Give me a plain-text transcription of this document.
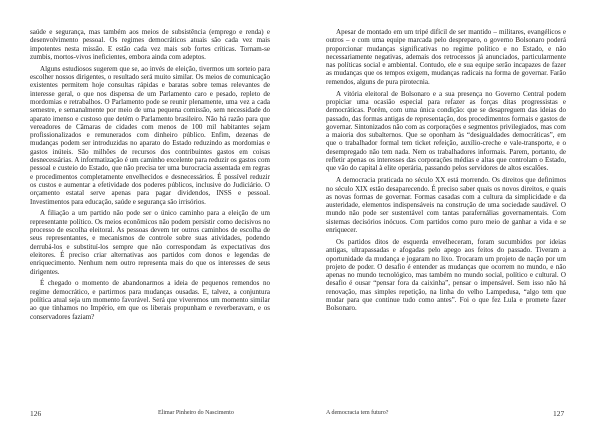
saúde e segurança, mas também aos meios de subsistência (emprego e renda) e desenvolvimento pessoal. Os regimes democráticos atuais são cada vez mais impotentes nesta missão. E estão cada vez mais sob fortes críticas. Tornam-se zumbis, mortos-vivos ineficientes, embora ainda com adeptos.

Alguns estudiosos sugerem que se, ao invés de eleição, tivermos um sorteio para escolher nossos dirigentes, o resultado será muito similar. Os meios de comunicação existentes permitem hoje consultas rápidas e baratas sobre temas relevantes de interesse geral, o que nos dispensa de um Parlamento caro e pesado, repleto de mordomias e retrabalhos. O Parlamento pode se reunir plenamente, uma vez a cada semestre, e semanalmente por meio de uma pequena comissão, sem necessidade do aparato imenso e custoso que detém o Parlamento brasileiro. Não há razão para que vereadores de Câmaras de cidades com menos de 100 mil habitantes sejam profissionalizados e remunerados com dinheiro público. Enfim, dezenas de mudanças podem ser introduzidas no aparato do Estado reduzindo as mordomias e gastos inúteis. São milhões de recursos dos contribuintes gastos em coisas desnecessárias. A informatização é um caminho excelente para reduzir os gastos com pessoal e custeio do Estado, que não precisa ter uma burocracia assentada em regras e procedimentos completamente envelhecidos e desnecessários. É possível reduzir os custos e aumentar a efetividade dos poderes públicos, inclusive do Judiciário. O orçamento estatal serve apenas para pagar dividendos, INSS e pessoal. Investimentos para educação, saúde e segurança são irrisórios.

A filiação a um partido não pode ser o único caminho para a eleição de um representante político. Os meios econômicos não podem persistir como decisivos no processo de escolha eleitoral. As pessoas devem ter outros caminhos de escolha de seus representantes, e mecanismos de controle sobre suas atividades, podendo derrubá-los e substituí-los sempre que não correspondam às expectativas dos eleitores. É preciso criar alternativas aos partidos com donos e legendas de enriquecimento. Nenhum nem outro representa mais do que os interesses de seus dirigentes.

É chegado o momento de abandonarmos a ideia de pequenos remendos no regime democrático, e partirmos para mudanças ousadas. E, talvez, a conjuntura política atual seja um momento favorável. Será que viveremos um momento similar ao que tínhamos no Império, em que os liberais propunham e reverberavam, e os conservadores faziam?

126	Elimar Pinheiro do Nascimento

Apesar de montado em um tripé difícil de ser mantido – militares, evangélicos e outros – e com uma equipe marcada pelo despreparo, o governo Bolsonaro poderá proporcionar mudanças significativas no regime político e no Estado, e não necessariamente negativas, ademais dos retrocessos já anunciados, particularmente nas políticas social e ambiental. Contudo, ele e sua equipe serão incapazes de fazer as mudanças que os tempos exigem, mudanças radicais na forma de governar. Farão remendos, alguns de pura pirotecnia.

A vitória eleitoral de Bolsonaro e a sua presença no Governo Central podem propiciar uma ocasião especial para refazer as forças ditas progressistas e democráticas. Porém, com uma única condição: que se desapreguem das ideias do passado, das formas antigas de representação, dos procedimentos formais e gastos de governar. Sintonizados não com as corporações e segmentos privilegiados, mas com a maioria dos subalternos. Que se oponham às “desigualdades democráticas”, em que o trabalhador formal tem ticket refeição, auxílio-creche e vale-transporte, e o desempregado não tem nada. Nem os trabalhadores informais. Parem, portanto, de refletir apenas os interesses das corporações médias e altas que controlam o Estado, que vão do capital à elite operária, passando pelos servidores de altos escalões.

A democracia praticada no século XX está morrendo. Os direitos que definimos no século XIX estão desaparecendo. É preciso saber quais os novos direitos, e quais as novas formas de governar. Formas casadas com a cultura da simplicidade e da austeridade, elementos indispensáveis na construção de uma sociedade saudável. O mundo não pode ser sustentável com tantas parafernálias governamentais. Com sistemas decisórios inócuos. Com partidos como puro meio de ganhar a vida e se enriquecer.

Os partidos ditos de esquerda envelheceram, foram sucumbidos por ideias antigas, ultrapassadas e afogadas pelo apego aos feitos do passado. Tiveram a oportunidade da mudança e jogaram no lixo. Trocaram um projeto de nação por um projeto de poder. O desafio é entender as mudanças que ocorrem no mundo, e não apenas no mundo tecnológico, mas também no mundo social, político e cultural. O desafio é ousar “pensar fora da caixinha”, pensar o impensável. Sem isso não há renovação, mas simples repetição, na linha do velho Lampedusa, “algo tem que mudar para que continue tudo como antes”. Foi o que fez Lula e promete fazer Bolsonaro.

A democracia tem futuro?	127
